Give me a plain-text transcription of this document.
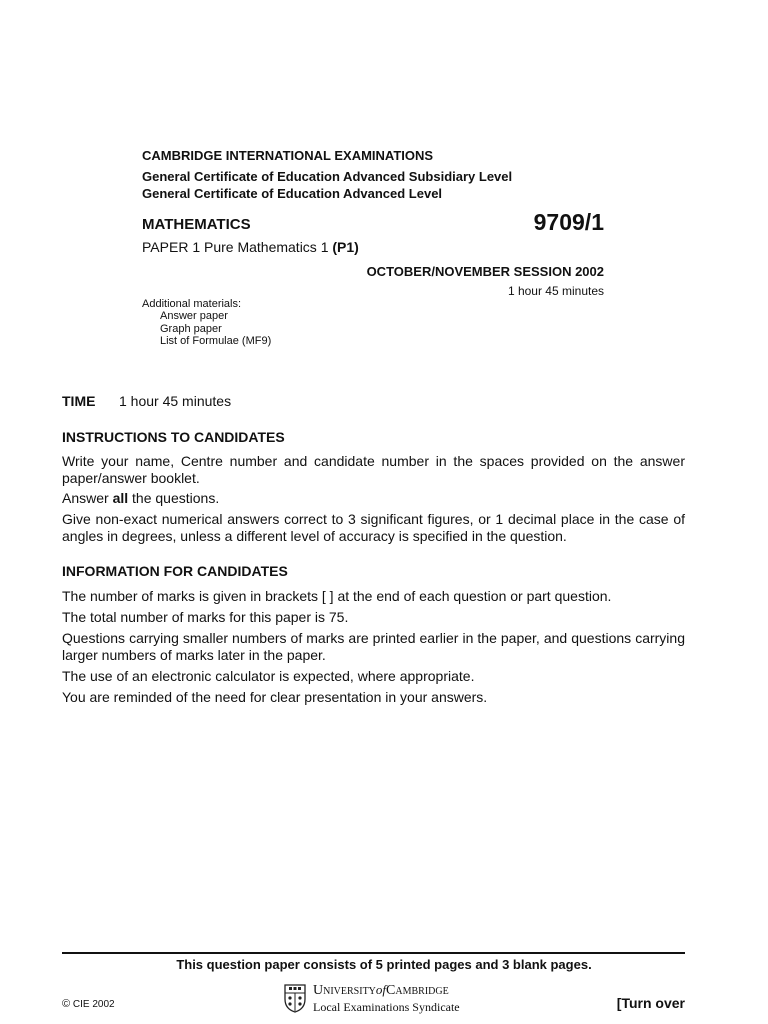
CAMBRIDGE INTERNATIONAL EXAMINATIONS
General Certificate of Education Advanced Subsidiary Level
General Certificate of Education Advanced Level
MATHEMATICS	9709/1
PAPER 1 Pure Mathematics 1 (P1)
OCTOBER/NOVEMBER SESSION 2002
1 hour 45 minutes
Additional materials:
Answer paper
Graph paper
List of Formulae (MF9)
TIME 1 hour 45 minutes
INSTRUCTIONS TO CANDIDATES
Write your name, Centre number and candidate number in the spaces provided on the answer paper/answer booklet.
Answer all the questions.
Give non-exact numerical answers correct to 3 significant figures, or 1 decimal place in the case of angles in degrees, unless a different level of accuracy is specified in the question.
INFORMATION FOR CANDIDATES
The number of marks is given in brackets [ ] at the end of each question or part question.
The total number of marks for this paper is 75.
Questions carrying smaller numbers of marks are printed earlier in the paper, and questions carrying larger numbers of marks later in the paper.
The use of an electronic calculator is expected, where appropriate.
You are reminded of the need for clear presentation in your answers.
This question paper consists of 5 printed pages and 3 blank pages.
© CIE 2002
UNIVERSITYofCAMBRIDGE
Local Examinations Syndicate	[Turn over
